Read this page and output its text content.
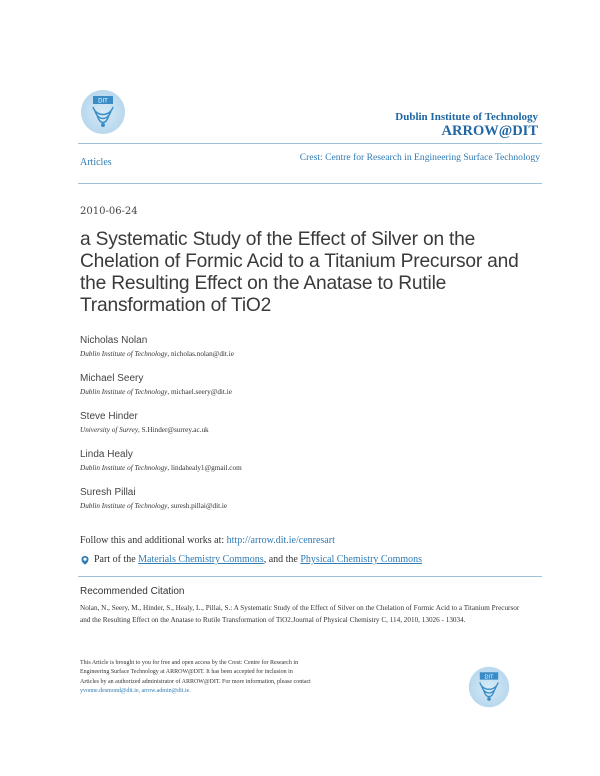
DIT
Dublin Institute of Technology
ARROW@DIT
Articles	Crest: Centre for Research in Engineering Surface Technology
2010-06-24
a Systematic Study of the Effect of Silver on the Chelation of Formic Acid to a Titanium Precursor and the Resulting Effect on the Anatase to Rutile Transformation of TiO2
Nicholas Nolan
Dublin Institute of Technology, nicholas.nolan@dit.ie
Michael Seery
Dublin Institute of Technology, michael.seery@dit.ie
Steve Hinder
University of Surrey, S.Hinder@surrey.ac.uk
Linda Healy
Dublin Institute of Technology, lindahealy1@gmail.com
Suresh Pillai
Dublin Institute of Technology, suresh.pillai@dit.ie
Follow this and additional works at: http://arrow.dit.ie/cenresart
Part of the Materials Chemistry Commons, and the Physical Chemistry Commons
Recommended Citation
Nolan, N., Seery, M., Hinder, S., Healy, L., Pillai, S.: A Systematic Study of the Effect of Silver on the Chelation of Formic Acid to a Titanium Precursor and the Resulting Effect on the Anatase to Rutile Transformation of TiO2.Journal of Physical Chemistry C, 114, 2010, 13026 - 13034.
This Article is brought to you for free and open access by the Crest: Centre for Research in Engineering Surface Technology at ARROW@DIT. It has been accepted for inclusion in Articles by an authorized administrator of ARROW@DIT. For more information, please contact yvonne.desmond@dit.ie, arrow.admin@dit.ie.
DIT
